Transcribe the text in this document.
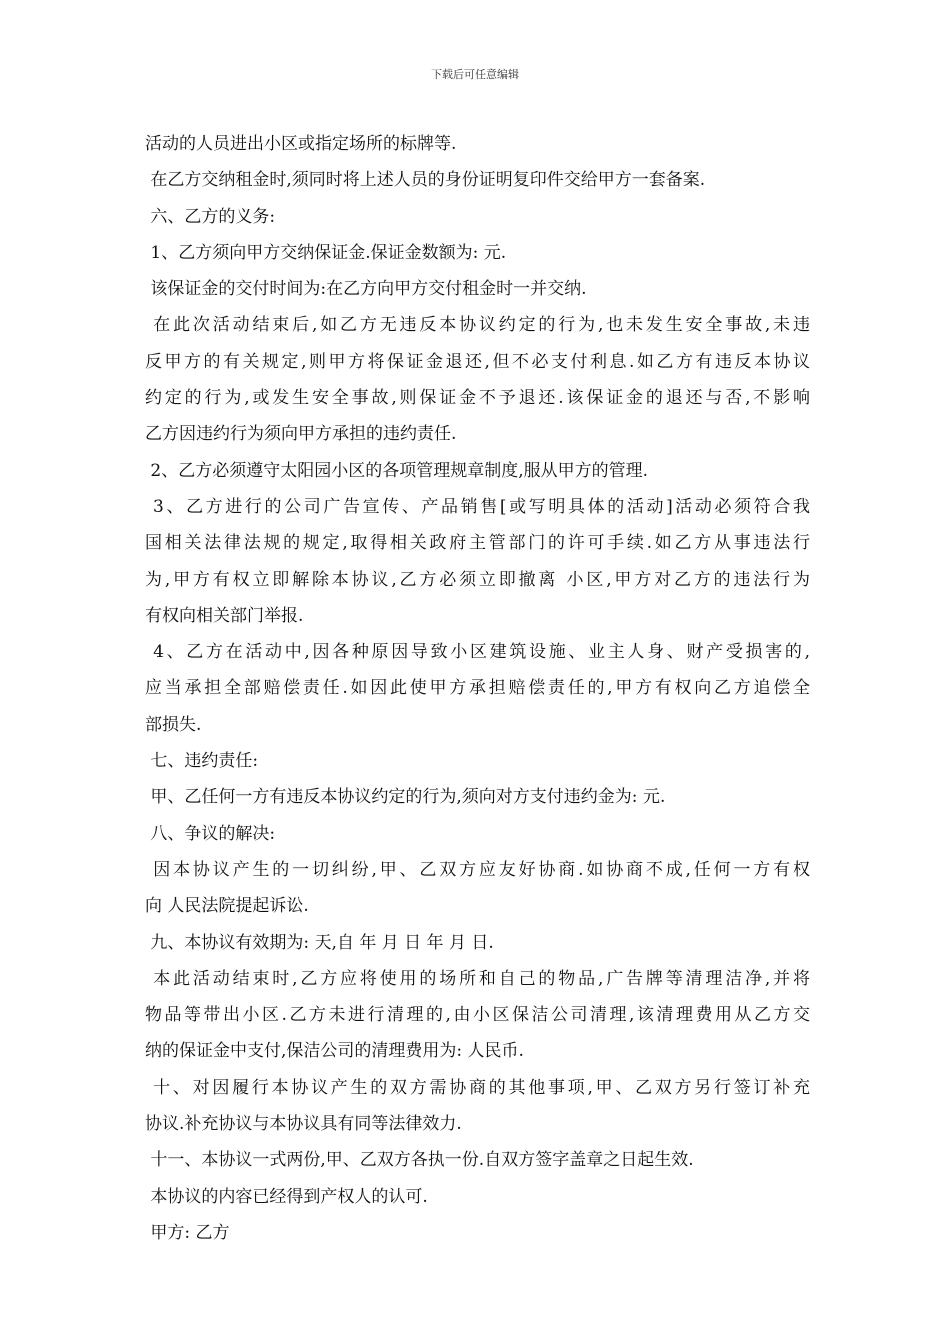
下载后可任意编辑
活动的人员进出小区或指定场所的标牌等.
在乙方交纳租金时,须同时将上述人员的身份证明复印件交给甲方一套备案.
六、乙方的义务:
1、乙方须向甲方交纳保证金.保证金数额为: 元.
该保证金的交付时间为:在乙方向甲方交付租金时一并交纳.
在此次活动结束后,如乙方无违反本协议约定的行为,也未发生安全事故,未违
反甲方的有关规定,则甲方将保证金退还,但不必支付利息.如乙方有违反本协议
约定的行为,或发生安全事故,则保证金不予退还.该保证金的退还与否,不影响
乙方因违约行为须向甲方承担的违约责任.
2、乙方必须遵守太阳园小区的各项管理规章制度,服从甲方的管理.
3、乙方进行的公司广告宣传、产品销售[或写明具体的活动]活动必须符合我
国相关法律法规的规定,取得相关政府主管部门的许可手续.如乙方从事违法行
为,甲方有权立即解除本协议,乙方必须立即撤离 小区,甲方对乙方的违法行为
有权向相关部门举报.
4、乙方在活动中,因各种原因导致小区建筑设施、业主人身、财产受损害的,
应当承担全部赔偿责任.如因此使甲方承担赔偿责任的,甲方有权向乙方追偿全
部损失.
七、违约责任:
甲、乙任何一方有违反本协议约定的行为,须向对方支付违约金为: 元.
八、争议的解决:
因本协议产生的一切纠纷,甲、乙双方应友好协商.如协商不成,任何一方有权
向 人民法院提起诉讼.
九、本协议有效期为: 天,自 年 月 日 年 月 日.
本此活动结束时,乙方应将使用的场所和自己的物品,广告牌等清理洁净,并将
物品等带出小区.乙方未进行清理的,由小区保洁公司清理,该清理费用从乙方交
纳的保证金中支付,保洁公司的清理费用为: 人民币.
十、对因履行本协议产生的双方需协商的其他事项,甲、乙双方另行签订补充
协议.补充协议与本协议具有同等法律效力.
十一、本协议一式两份,甲、乙双方各执一份.自双方签字盖章之日起生效.
本协议的内容已经得到产权人的认可.
甲方: 乙方
